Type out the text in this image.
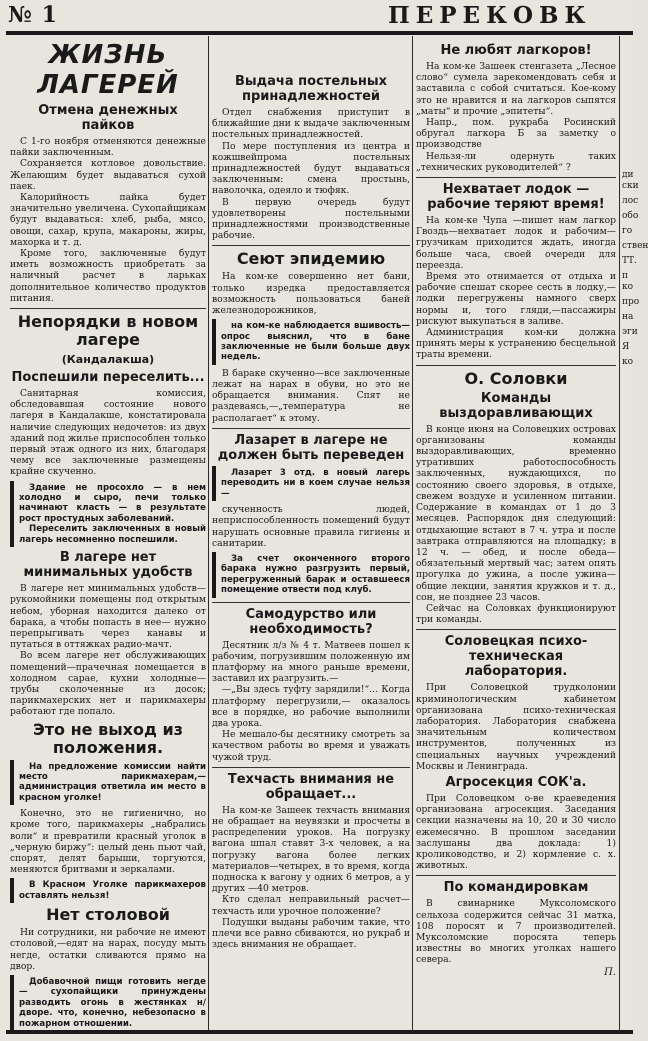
№ 1	ПЕРЕКОВК
ЖИЗНЬ ЛАГЕРЕЙ
Отмена денежных пайков

С 1-го ноября отменяются денежные пайки заключенным.

Сохраняется котловое довольствие. Желающим будет выдаваться сухой паек.

Калорийность пайка будет значительно увеличена. Сухопайщикам будут выдаваться: хлеб, рыба, мясо, овощи, сахар, крупа, макароны, жиры, махорка и т. д.

Кроме того, заключенные будут иметь возможность приобретать за наличный расчет в ларьках дополнительное количество продуктов питания.

Непорядки в новом лагере
(Кандалакша)
Поспешили переселить...

Санитарная комиссия, обследовавшая состояние нового лагеря в Кандалакше, констатировала наличие следующих недочетов: из двух зданий под жилье приспособлен только первый этаж одного из них, благодаря чему все заключенные размещены крайне скученно.

Здание не просохло — в нем холодно и сыро, печи только начинают класть — в результате рост простудных заболеваний.

Переселить заключенных в новый лагерь несомненно поспешили.

В лагере нет минимальных удобств

В лагере нет минимальных удобств—рукомойники помещены под открытым небом, уборная находится далеко от барака, а чтобы попасть в нее— нужно перепрыгивать через канавы и путаться в оттяжках радио-мачт.

Во всем лагере нет обслуживающих помещений—прачечная помещается в холодном сарае, кухни холодные—трубы сколоченные из досок; парикмахерских нет и парикмахеры работают где попало.

Это не выход из положения.

На предложение комиссии найти место парикмахерам,—администрация ответила им место в красном уголке!

Конечно, это не гигиенично, но кроме того, парикмахеры „набрались воли“ и превратили красный уголок в „черную биржу“: целый день пьют чай, спорят, делят барыши, торгуются, меняются бритвами и зеркалами.

В Красном Уголке парикмахеров оставлять нельзя!

Нет столовой

Ни сотрудники, ни рабочие не имеют столовой,—едят на нарах, посуду мыть негде, остатки сливаются прямо на двор.

Добавочной пищи готовить негде— сухопайщики принуждены разводить огонь в жестянках н/ дворе. что, конечно, небезопасно в пожарном отношении.

Выдача постельных принадлежностей

Отдел снабжения приступит в ближайшие дни к выдаче заключенным постельных принадлежностей.

По мере поступления из центра и кожшвейпрома постельных принадлежностей будут выдаваться заключенным: смена простынь, наволочка, одеяло и тюфяк.

В первую очередь будут удовлетворены постельными принадлежностями производственные рабочие.

Сеют эпидемию

На ком-ке совершенно нет бани, только изредка предоставляется возможность пользоваться баней железнодорожников,

на ком-ке наблюдается вшивость— опрос выяснил, что в бане заключенные не были больше двух недель.

В бараке скученно—все заключенные лежат на нарах в обуви, но это не обращается внимания. Спят не раздеваясь,—„температура не располагает“ к этому.

Лазарет в лагере не должен быть переведен

Лазарет 3 отд. в новый лагерь переводить ни в коем случае нельзя—

скученность людей, неприспособленность помещений будут нарушать основные правила гигиены и санитарии.

За счет оконченного второго барака нужно разгрузить первый, перегруженный барак и оставшееся помещение отвести под клуб.

Самодурство или необходимость?

Десятник л/з № 4 т. Матвеев пошел к рабочим, погрузившим положенную им платформу на много раньше времени, заставил их разгрузить.—

—„Вы здесь туфту зарядили!“... Когда платформу перегрузили,— оказалось все в порядке, но рабочие выполнили два урока.

Не мешало-бы десятнику смотреть за качеством работы во время и уважать чужой труд.

Техчасть внимания не обращает...

На ком-ке Зашеек техчасть внимания не обращает на неувязки и просчеты в распределении уроков. На погрузку вагона шпал ставят 3-х человек, а на погрузку вагона более легких материалов—четырех, в то время, когда подноска к вагону у одних 6 метров, а у других —40 метров.

Кто сделал неправильный расчет—техчасть или урочное положение?

Подушки выданы рабочим такие, что плечи все равно сбиваются, но рукраб и здесь внимания не обращает.

Не любят лагкоров!

На ком-ке Зашеек стенгазета „Лесное слово“ сумела зарекомендовать себя и заставила с собой считаться. Кое-кому это не нравится и на лагкоров сыпятся „маты“ и прочие „эпитеты“.

Напр., пом. рукраба Росинский обругал лагкора Б за заметку о производстве

Нельзя-ли одернуть таких „технических руководителей“ ?

Нехватает лодок — рабочие теряют время!

На ком-ке Чупа —пишет нам лагкор Гвоздь—нехватает лодок и рабочим—грузчикам приходится ждать, иногда больше часа, своей очереди для переезда.

Время это отнимается от отдыха и рабочие спешат скорее сесть в лодку,—лодки перегружены намного сверх нормы и, того гляди,—пассажиры рискуют выкупаться в заливе.

Администрация ком-ки должна принять меры к устранению бесцельной траты времени.

О. Соловки
Команды выздоравливающих

В конце июня на Соловецких островах организованы команды выздоравливающих, временно утративших работоспособность заключенных, нуждающихся, по состоянию своего здоровья, в отдыхе, свежем воздухе и усиленном питании. Содержание в командах от 1 до 3 месяцев. Распорядок дня следующий: отдыхающие встают в 7 ч. утра и после завтрака отправляются на площадку; в 12 ч. — обед, и после обеда—обязательный мертвый час; затем опять прогулка до ужина, а после ужина—общие лекции, занятия кружков и т. д., сон, не позднее 23 часов.

Сейчас на Соловках функционируют три команды.

Соловецкая психо-техническая лаборатория.

При Соловецкой трудколонии криминологическим кабинетом организована психо-техническая лаборатория. Лаборатория снабжена значительным количеством инструментов, полученных из специальных научных учреждений Москвы и Ленинграда.

Агросекция СОК'а.

При Соловецком о-ве краеведения организована агросекция. Заседания секции назначены на 10, 20 и 30 число ежемесячно. В прошлом заседании заслушаны два доклада: 1) кролиководство, и 2) кормление с. х. животных.

По командировкам

В свинарнике Муксоломского сельхоза содержится сейчас 31 матка, 108 поросят и 7 производителей. Муксоломские поросята теперь известны во многих уголках нашего севера.

П.
ди ски
лос
обо
го
ствен
ТТ.
п ко
про
на
эги
Я
ко
